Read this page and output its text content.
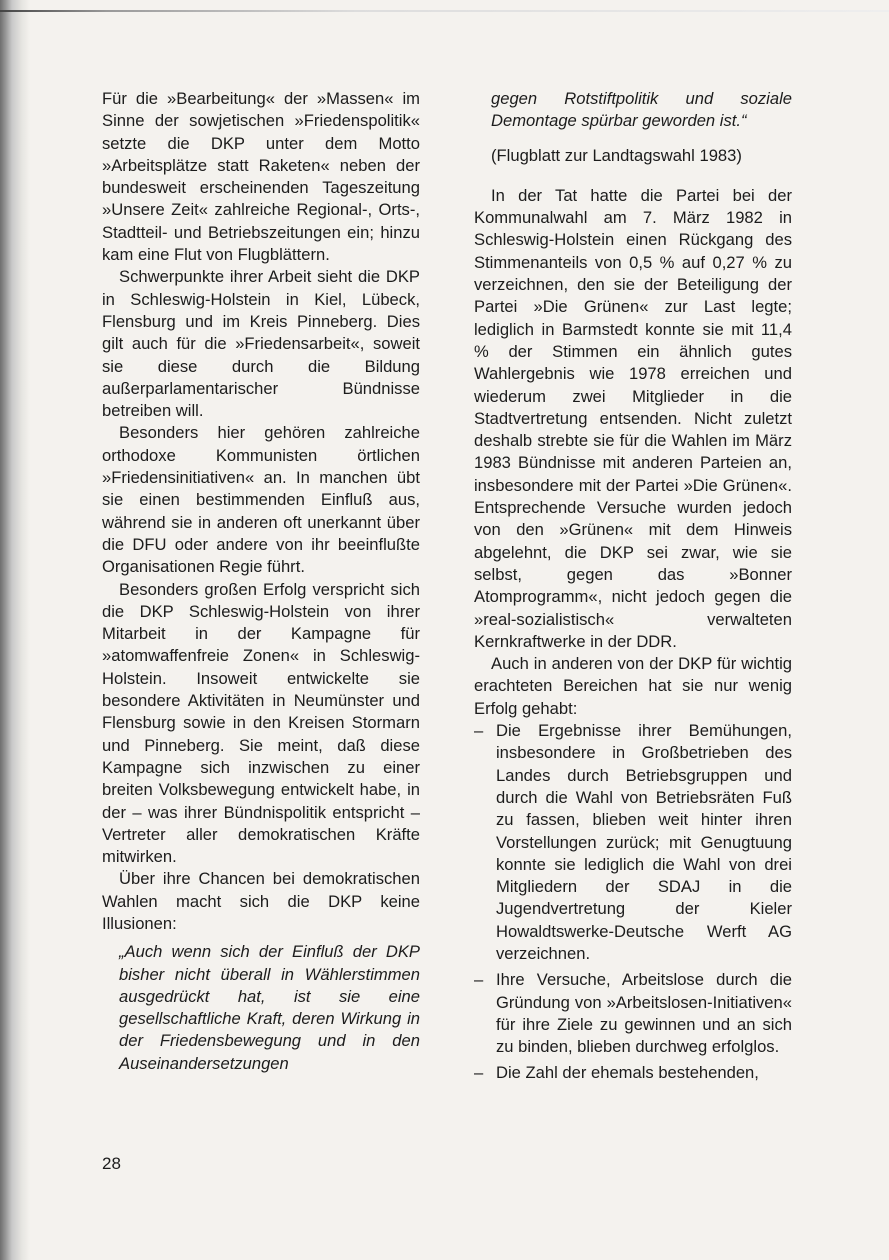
Für die »Bearbeitung« der »Massen« im Sinne der sowjetischen »Friedenspolitik« setzte die DKP unter dem Motto »Arbeitsplätze statt Raketen« neben der bundesweit erscheinenden Tageszeitung »Unsere Zeit« zahlreiche Regional-, Orts-, Stadtteil- und Betriebszeitungen ein; hinzu kam eine Flut von Flugblättern.

Schwerpunkte ihrer Arbeit sieht die DKP in Schleswig-Holstein in Kiel, Lübeck, Flensburg und im Kreis Pinneberg. Dies gilt auch für die »Friedensarbeit«, soweit sie diese durch die Bildung außerparlamentarischer Bündnisse betreiben will.

Besonders hier gehören zahlreiche orthodoxe Kommunisten örtlichen »Friedensinitiativen« an. In manchen übt sie einen bestimmenden Einfluß aus, während sie in anderen oft unerkannt über die DFU oder andere von ihr beeinflußte Organisationen Regie führt.

Besonders großen Erfolg verspricht sich die DKP Schleswig-Holstein von ihrer Mitarbeit in der Kampagne für »atomwaffenfreie Zonen« in Schleswig-Holstein. Insoweit entwickelte sie besondere Aktivitäten in Neumünster und Flensburg sowie in den Kreisen Stormarn und Pinneberg. Sie meint, daß diese Kampagne sich inzwischen zu einer breiten Volksbewegung entwickelt habe, in der – was ihrer Bündnispolitik entspricht – Vertreter aller demokratischen Kräfte mitwirken.

Über ihre Chancen bei demokratischen Wahlen macht sich die DKP keine Illusionen:

„Auch wenn sich der Einfluß der DKP bisher nicht überall in Wählerstimmen ausgedrückt hat, ist sie eine gesellschaftliche Kraft, deren Wirkung in der Friedensbewegung und in den Auseinandersetzungen

gegen Rotstiftpolitik und soziale Demontage spürbar geworden ist.“

(Flugblatt zur Landtagswahl 1983)

In der Tat hatte die Partei bei der Kommunalwahl am 7. März 1982 in Schleswig-Holstein einen Rückgang des Stimmenanteils von 0,5 % auf 0,27 % zu verzeichnen, den sie der Beteiligung der Partei »Die Grünen« zur Last legte; lediglich in Barmstedt konnte sie mit 11,4 % der Stimmen ein ähnlich gutes Wahlergebnis wie 1978 erreichen und wiederum zwei Mitglieder in die Stadtvertretung entsenden. Nicht zuletzt deshalb strebte sie für die Wahlen im März 1983 Bündnisse mit anderen Parteien an, insbesondere mit der Partei »Die Grünen«. Entsprechende Versuche wurden jedoch von den »Grünen« mit dem Hinweis abgelehnt, die DKP sei zwar, wie sie selbst, gegen das »Bonner Atomprogramm«, nicht jedoch gegen die »real-sozialistisch« verwalteten Kernkraftwerke in der DDR.

Auch in anderen von der DKP für wichtig erachteten Bereichen hat sie nur wenig Erfolg gehabt:

– Die Ergebnisse ihrer Bemühungen, insbesondere in Großbetrieben des Landes durch Betriebsgruppen und durch die Wahl von Betriebsräten Fuß zu fassen, blieben weit hinter ihren Vorstellungen zurück; mit Genugtuung konnte sie lediglich die Wahl von drei Mitgliedern der SDAJ in die Jugendvertretung der Kieler Howaldtswerke-Deutsche Werft AG verzeichnen.
– Ihre Versuche, Arbeitslose durch die Gründung von »Arbeitslosen-Initiativen« für ihre Ziele zu gewinnen und an sich zu binden, blieben durchweg erfolglos.
– Die Zahl der ehemals bestehenden,
28
